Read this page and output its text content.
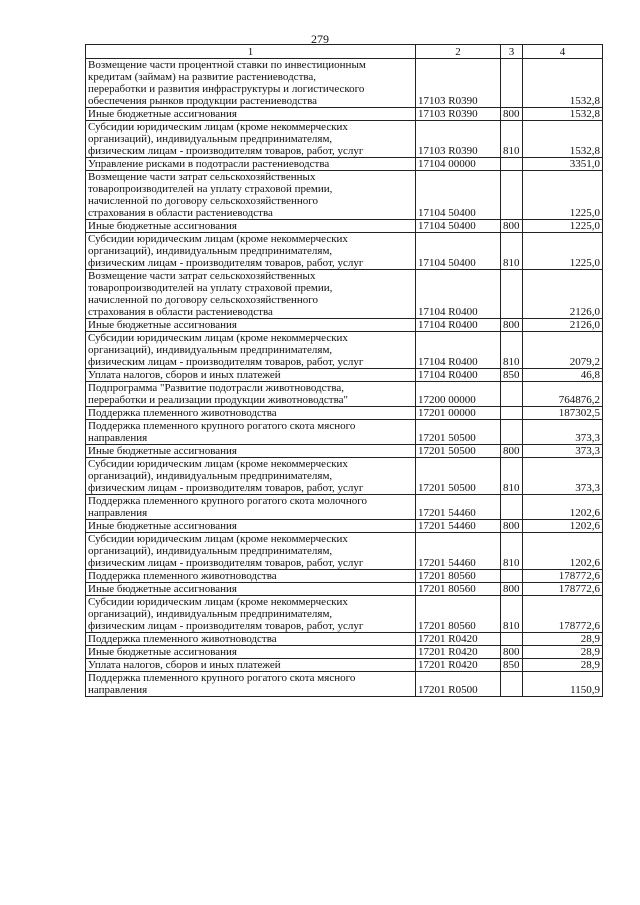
279
1	2	3	4
Возмещение части процентной ставки по инвестиционным
кредитам (займам) на развитие растениеводства,
переработки и развития инфраструктуры и логистического
обеспечения рынков продукции растениеводства	17103 R0390		1532,8
Иные бюджетные ассигнования	17103 R0390	800	1532,8
Субсидии юридическим лицам (кроме некоммерческих
организаций), индивидуальным предпринимателям,
физическим лицам - производителям товаров, работ, услуг	17103 R0390	810	1532,8
Управление рисками в подотрасли растениеводства	17104 00000		3351,0
Возмещение части затрат сельскохозяйственных
товаропроизводителей на уплату страховой премии,
начисленной по договору сельскохозяйственного
страхования в области растениеводства	17104 50400		1225,0
Иные бюджетные ассигнования	17104 50400	800	1225,0
Субсидии юридическим лицам (кроме некоммерческих
организаций), индивидуальным предпринимателям,
физическим лицам - производителям товаров, работ, услуг	17104 50400	810	1225,0
Возмещение части затрат сельскохозяйственных
товаропроизводителей на уплату страховой премии,
начисленной по договору сельскохозяйственного
страхования в области растениеводства	17104 R0400		2126,0
Иные бюджетные ассигнования	17104 R0400	800	2126,0
Субсидии юридическим лицам (кроме некоммерческих
организаций), индивидуальным предпринимателям,
физическим лицам - производителям товаров, работ, услуг	17104 R0400	810	2079,2
Уплата налогов, сборов и иных платежей	17104 R0400	850	46,8
Подпрограмма "Развитие подотрасли животноводства,
переработки и реализации продукции животноводства"	17200 00000		764876,2
Поддержка племенного животноводства	17201 00000		187302,5
Поддержка племенного крупного рогатого скота мясного
направления	17201 50500		373,3
Иные бюджетные ассигнования	17201 50500	800	373,3
Субсидии юридическим лицам (кроме некоммерческих
организаций), индивидуальным предпринимателям,
физическим лицам - производителям товаров, работ, услуг	17201 50500	810	373,3
Поддержка племенного крупного рогатого скота молочного
направления	17201 54460		1202,6
Иные бюджетные ассигнования	17201 54460	800	1202,6
Субсидии юридическим лицам (кроме некоммерческих
организаций), индивидуальным предпринимателям,
физическим лицам - производителям товаров, работ, услуг	17201 54460	810	1202,6
Поддержка племенного животноводства	17201 80560		178772,6
Иные бюджетные ассигнования	17201 80560	800	178772,6
Субсидии юридическим лицам (кроме некоммерческих
организаций), индивидуальным предпринимателям,
физическим лицам - производителям товаров, работ, услуг	17201 80560	810	178772,6
Поддержка племенного животноводства	17201 R0420		28,9
Иные бюджетные ассигнования	17201 R0420	800	28,9
Уплата налогов, сборов и иных платежей	17201 R0420	850	28,9
Поддержка племенного крупного рогатого скота мясного
направления	17201 R0500		1150,9
